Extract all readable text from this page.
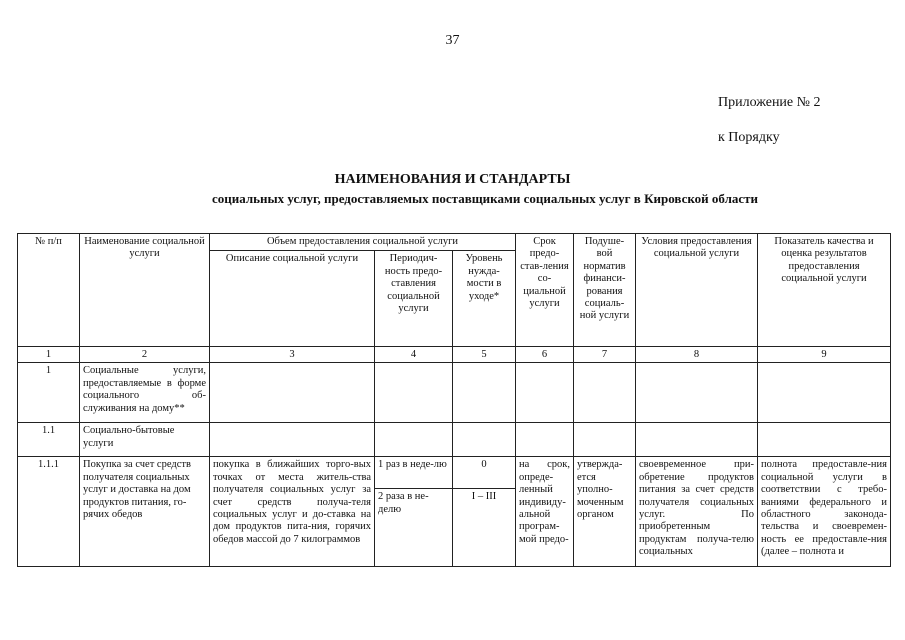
37
Приложение № 2
к Порядку
НАИМЕНОВАНИЯ И СТАНДАРТЫ
социальных услуг, предоставляемых поставщиками социальных услуг в Кировской области
№ п/п	Наименование социальной услуги	Объем предоставления социальной услуги			Срок предо-став-ления со-циальной услуги	Подуше-вой норматив финанси-рования социаль-ной услуги	Условия предоставления социальной услуги	Показатель качества и оценка результатов предоставления социальной услуги
		Описание социальной услуги	Периодич-ность предо-ставления социальной услуги	Уровень нужда-мости в уходе*				
1	2	3	4	5	6	7	8	9
1	Социальные услуги, предоставляемые в форме социального об-служивания на дому**							
1.1	Социально-бытовые услуги							
1.1.1	Покупка за счет средств получателя социальных услуг и доставка на дом продуктов питания, го-рячих обедов	покупка в ближайших торго-вых точках от места житель-ства получателя социальных услуг за счет средств получа-теля социальных услуг и до-ставка на дом продуктов пита-ния, горячих обедов массой до 7 килограммов	1 раз в неде-лю	0	на срок, опреде-ленный индивиду-альной програм-мой предо-	утвержда-ется уполно-моченным органом	своевременное при-обретение продуктов питания за счет средств получателя социальных услуг. По приобретенным продуктам получа-телю социальных	полнота предоставле-ния социальной услуги в соответствии с требо-ваниями федерального и областного законода-тельства и своевремен-ность ее предоставле-ния (далее – полнота и
			2 раза в не-делю	I – III				
